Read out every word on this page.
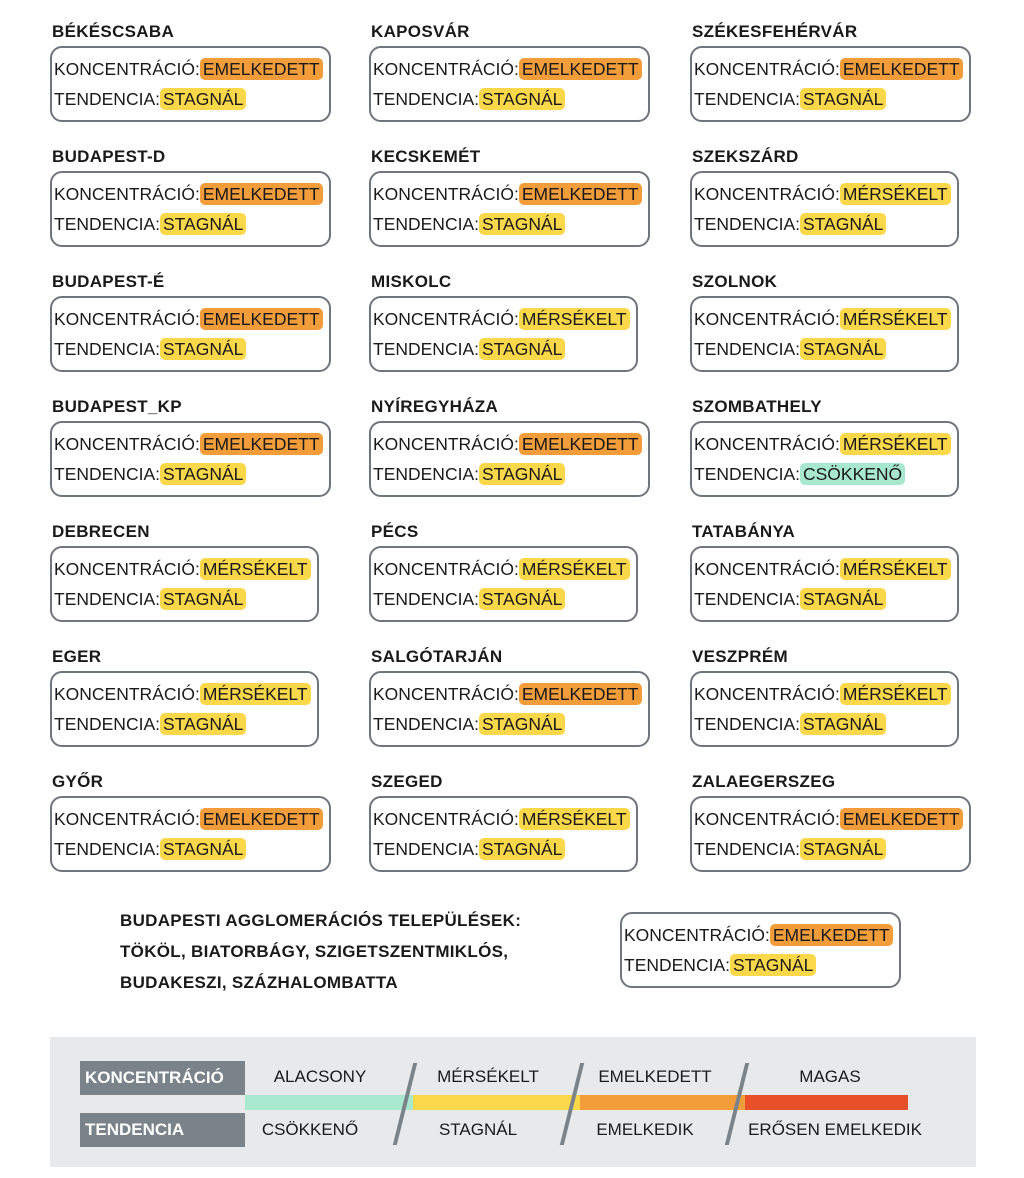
BÉKÉSCSABA
KONCENTRÁCIÓ: EMELKEDETT
TENDENCIA: STAGNÁL
KAPOSVÁR
KONCENTRÁCIÓ: EMELKEDETT
TENDENCIA: STAGNÁL
SZÉKESFEHÉRVÁR
KONCENTRÁCIÓ: EMELKEDETT
TENDENCIA: STAGNÁL
BUDAPEST-D
KONCENTRÁCIÓ: EMELKEDETT
TENDENCIA: STAGNÁL
KECSKEMÉT
KONCENTRÁCIÓ: EMELKEDETT
TENDENCIA: STAGNÁL
SZEKSZÁRD
KONCENTRÁCIÓ: MÉRSÉKELT
TENDENCIA: STAGNÁL
BUDAPEST-É
KONCENTRÁCIÓ: EMELKEDETT
TENDENCIA: STAGNÁL
MISKOLC
KONCENTRÁCIÓ: MÉRSÉKELT
TENDENCIA: STAGNÁL
SZOLNOK
KONCENTRÁCIÓ: MÉRSÉKELT
TENDENCIA: STAGNÁL
BUDAPEST_KP
KONCENTRÁCIÓ: EMELKEDETT
TENDENCIA: STAGNÁL
NYÍREGYHÁZA
KONCENTRÁCIÓ: EMELKEDETT
TENDENCIA: STAGNÁL
SZOMBATHELY
KONCENTRÁCIÓ: MÉRSÉKELT
TENDENCIA: CSÖKKENŐ
DEBRECEN
KONCENTRÁCIÓ: MÉRSÉKELT
TENDENCIA: STAGNÁL
PÉCS
KONCENTRÁCIÓ: MÉRSÉKELT
TENDENCIA: STAGNÁL
TATABÁNYA
KONCENTRÁCIÓ: MÉRSÉKELT
TENDENCIA: STAGNÁL
EGER
KONCENTRÁCIÓ: MÉRSÉKELT
TENDENCIA: STAGNÁL
SALGÓTARJÁN
KONCENTRÁCIÓ: EMELKEDETT
TENDENCIA: STAGNÁL
VESZPRÉM
KONCENTRÁCIÓ: MÉRSÉKELT
TENDENCIA: STAGNÁL
GYŐR
KONCENTRÁCIÓ: EMELKEDETT
TENDENCIA: STAGNÁL
SZEGED
KONCENTRÁCIÓ: MÉRSÉKELT
TENDENCIA: STAGNÁL
ZALAEGERSZEG
KONCENTRÁCIÓ: EMELKEDETT
TENDENCIA: STAGNÁL
BUDAPESTI AGGLOMERÁCIÓS TELEPÜLÉSEK:
TÖKÖL, BIATORBÁGY, SZIGETSZENTMIKLÓS,
BUDAKESZI, SZÁZHALOMBATTA
KONCENTRÁCIÓ: EMELKEDETT
TENDENCIA: STAGNÁL
KONCENTRÁCIÓ
TENDENCIA
ALACSONY
CSÖKKENŐ
MÉRSÉKELT
STAGNÁL
EMELKEDETT
EMELKEDIK
MAGAS
ERŐSEN EMELKEDIK
